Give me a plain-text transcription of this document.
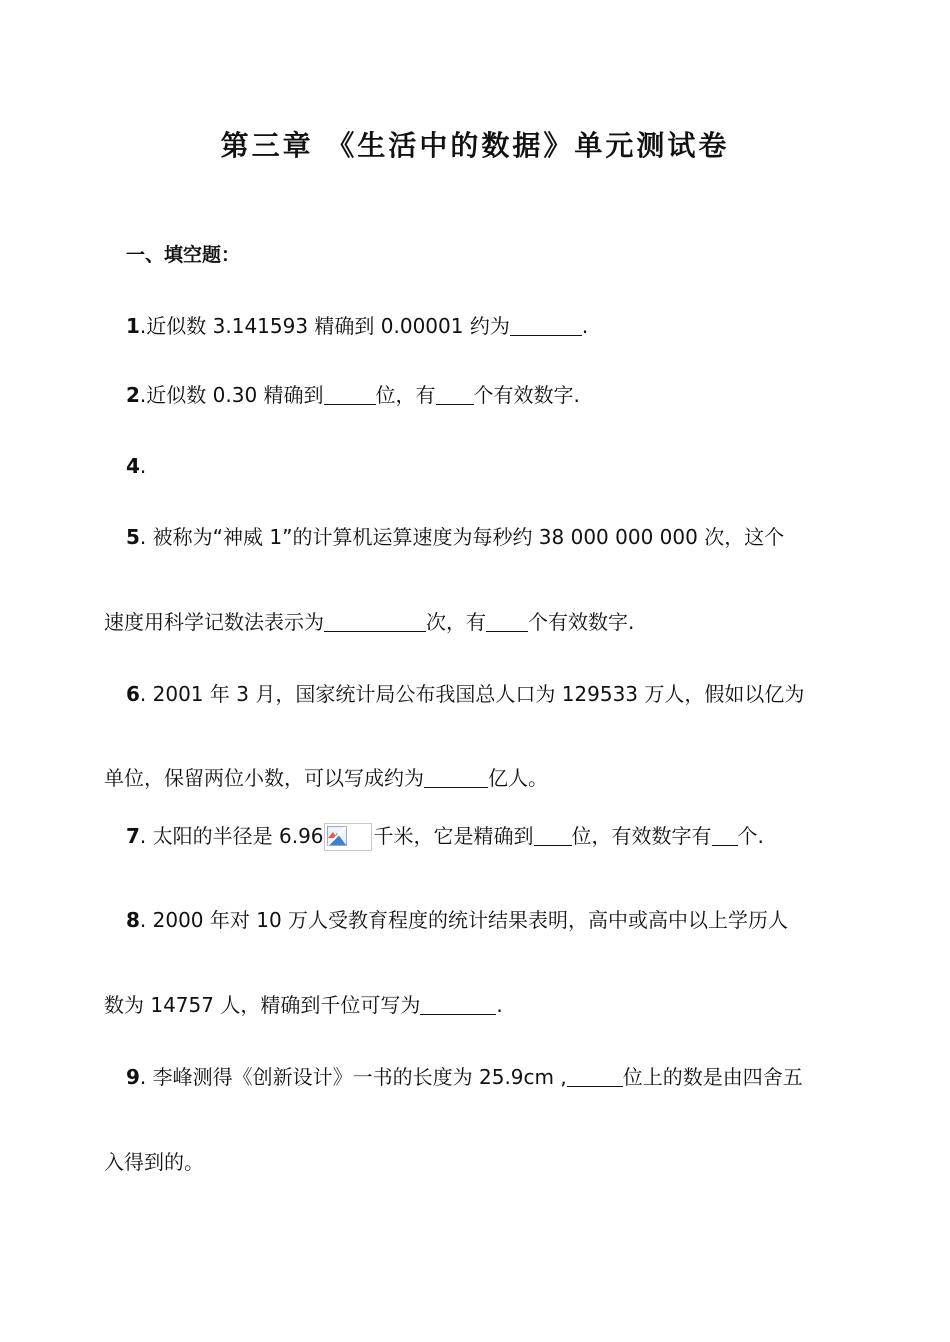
第三章 《生活中的数据》单元测试卷
一、填空题：
1.近似数 3.141593 精确到 0.00001 约为	.
2.近似数 0.30 精确到	位，有 个有效数字.
4.
5. 被称为“神威 1”的计算机运算速度为每秒约 38 000 000 000 次，这个
速度用科学记数法表示为	次，有 个有效数字.
6. 2001 年 3 月，国家统计局公布我国总人口为 129533 万人，假如以亿为
单位，保留两位小数，可以写成约为	亿人。
7. 太阳的半径是 6.96	千米，它是精确到 位，有效数字有 个.
8. 2000 年对 10 万人受教育程度的统计结果表明，高中或高中以上学历人
数为 14757 人，精确到千位可写为	.
9. 李峰测得《创新设计》一书的长度为 25.9cm ,	位上的数是由四舍五
入得到的。
